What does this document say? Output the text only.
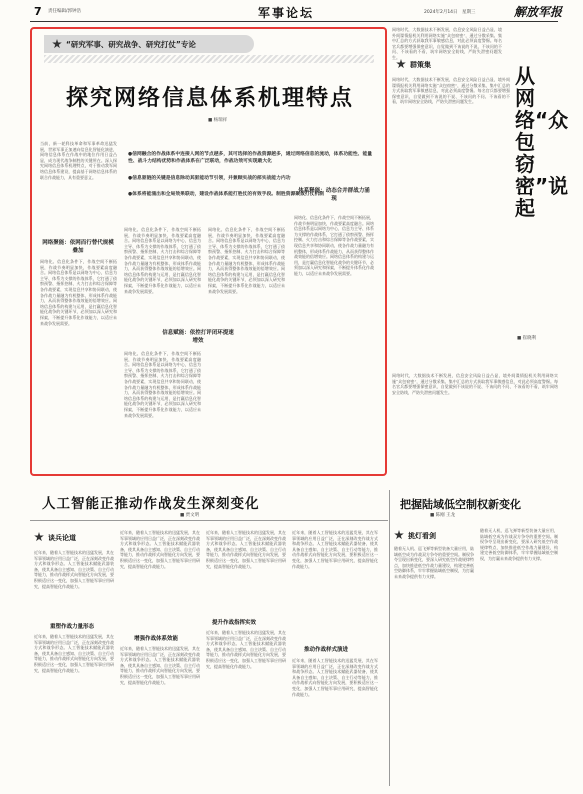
7 责任编辑/郭钟浩	军事论坛	2024年2月14日　星期三	解放军报
“研究军事、研究战争、研究打仗”专论
探究网络信息体系机理特点
■ 杨瑞祥
当前，新一轮科技革命和军事革命迅猛发展，世界军事正加速向信息化智能化演进，网络信息体系在作战中的地位作用日益凸显，成为现代战争制胜的关键所在。深入探究网络信息体系机理特点，对于推动我军网络信息体系建设，提高基于网络信息体系的联合作战能力，具有重要意义。
●信网融合的作战体系中连接人网的节点越多，其可选择的作战资源越多，通过网络信息的流动，体系功能性、能量性、战斗力结构优势和作战体系在广泛联动，作战功效可实现最大化
●信息驱链的关键是信息除动其驱能动节引领，并兼顾实战的部实战能力内功
●体系将能涌出和全局效果联动，建设作战体系能打胜仗的有效手段。制胜资源聚敛打仗机制
网络聚能：依网而行替代规模叠加
网络化、信息化条件下，作战空间不断拓展，作战节奏明显加快，作战要素高度融合。网络信息体系是以网络为中心，信息为主导、体系为支撑的作战体系，它打通了侦察预警、指挥控制、火力打击和综合保障等各作战要素，实现信息共享和协同联动，使各作战力量融为有机整体，形成体系作战能力，从而获得整体作战效能的倍增效应。网络信息体系的构建与运用，是打赢信息化智能化战争的关键环节，必须加以深入研究和探索，不断提升体系化作战能力，以适应未来战争发展需要。
网络化、信息化条件下，作战空间不断拓展，作战节奏明显加快，作战要素高度融合。网络信息体系是以网络为中心，信息为主导、体系为支撑的作战体系，它打通了侦察预警、指挥控制、火力打击和综合保障等各作战要素，实现信息共享和协同联动，使各作战力量融为有机整体，形成体系作战能力，从而获得整体作战效能的倍增效应。网络信息体系的构建与运用，是打赢信息化智能化战争的关键环节，必须加以深入研究和探索，不断提升体系化作战能力，以适应未来战争发展需要。
信息赋能：依控打评闭环提速增效
网络化、信息化条件下，作战空间不断拓展，作战节奏明显加快，作战要素高度融合。网络信息体系是以网络为中心，信息为主导、体系为支撑的作战体系，它打通了侦察预警、指挥控制、火力打击和综合保障等各作战要素，实现信息共享和协同联动，使各作战力量融为有机整体，形成体系作战能力，从而获得整体作战效能的倍增效应。网络信息体系的构建与运用，是打赢信息化智能化战争的关键环节，必须加以深入研究和探索，不断提升体系化作战能力，以适应未来战争发展需要。
网络化、信息化条件下，作战空间不断拓展，作战节奏明显加快，作战要素高度融合。网络信息体系是以网络为中心，信息为主导、体系为支撑的作战体系，它打通了侦察预警、指挥控制、火力打击和综合保障等各作战要素，实现信息共享和协同联动，使各作战力量融为有机整体，形成体系作战能力，从而获得整体作战效能的倍增效应。网络信息体系的构建与运用，是打赢信息化智能化战争的关键环节，必须加以深入研究和探索，不断提升体系化作战能力，以适应未来战争发展需要。
体系释能：动态合并群战力涌现
网络化、信息化条件下，作战空间不断拓展，作战节奏明显加快，作战要素高度融合。网络信息体系是以网络为中心，信息为主导、体系为支撑的作战体系，它打通了侦察预警、指挥控制、火力打击和综合保障等各作战要素，实现信息共享和协同联动，使各作战力量融为有机整体，形成体系作战能力，从而获得整体作战效能的倍增效应。网络信息体系的构建与运用，是打赢信息化智能化战争的关键环节，必须加以深入研究和探索，不断提升体系化作战能力，以适应未来战争发展需要。
网络时代，大数据技术不断发展，信息安全风险日益凸显，境外间谍情报机关利用网络实施“众包窃密”，通过分散采集、集中汇总的方式获取我军事敏感信息，对此必须高度警惕。每名官兵都要增强保密意识，自觉做到不该说的不说、不该问的不问、不该看的不看，筑牢网络安全防线，严防失泄密问题发生。
群策集	从网络“众包窃密”说起
■ 崔晓利
网络时代，大数据技术不断发展，信息安全风险日益凸显，境外间谍情报机关利用网络实施“众包窃密”，通过分散采集、集中汇总的方式获取我军事敏感信息，对此必须高度警惕。每名官兵都要增强保密意识，自觉做到不该说的不说、不该问的不问、不该看的不看，筑牢网络安全防线，严防失泄密问题发生。
网络时代，大数据技术不断发展，信息安全风险日益凸显，境外间谍情报机关利用网络实施“众包窃密”，通过分散采集、集中汇总的方式获取我军事敏感信息，对此必须高度警惕。每名官兵都要增强保密意识，自觉做到不该说的不说、不该问的不问、不该看的不看，筑牢网络安全防线，严防失泄密问题发生。
人工智能正推动作战发生深刻变化
■ 贾文明
谈兵论道
近年来，随着人工智能技术的迅猛发展，其在军事领域的应用日益广泛，正在深刻改变作战方式和战争形态。人工智能技术赋能武器装备，使其具备自主感知、自主决策、自主行动等能力，推动作战样式向智能化方向发展，要积极适应这一变化，加强人工智能军事应用研究，提高智能化作战能力。
重塑作战力量形态
近年来，随着人工智能技术的迅猛发展，其在军事领域的应用日益广泛，正在深刻改变作战方式和战争形态。人工智能技术赋能武器装备，使其具备自主感知、自主决策、自主行动等能力，推动作战样式向智能化方向发展，要积极适应这一变化，加强人工智能军事应用研究，提高智能化作战能力。
近年来，随着人工智能技术的迅猛发展，其在军事领域的应用日益广泛，正在深刻改变作战方式和战争形态。人工智能技术赋能武器装备，使其具备自主感知、自主决策、自主行动等能力，推动作战样式向智能化方向发展，要积极适应这一变化，加强人工智能军事应用研究，提高智能化作战能力。
增强作战体系效能
近年来，随着人工智能技术的迅猛发展，其在军事领域的应用日益广泛，正在深刻改变作战方式和战争形态。人工智能技术赋能武器装备，使其具备自主感知、自主决策、自主行动等能力，推动作战样式向智能化方向发展，要积极适应这一变化，加强人工智能军事应用研究，提高智能化作战能力。
近年来，随着人工智能技术的迅猛发展，其在军事领域的应用日益广泛，正在深刻改变作战方式和战争形态。人工智能技术赋能武器装备，使其具备自主感知、自主决策、自主行动等能力，推动作战样式向智能化方向发展，要积极适应这一变化，加强人工智能军事应用研究，提高智能化作战能力。
提升作战指挥实效
近年来，随着人工智能技术的迅猛发展，其在军事领域的应用日益广泛，正在深刻改变作战方式和战争形态。人工智能技术赋能武器装备，使其具备自主感知、自主决策、自主行动等能力，推动作战样式向智能化方向发展，要积极适应这一变化，加强人工智能军事应用研究，提高智能化作战能力。
近年来，随着人工智能技术的迅猛发展，其在军事领域的应用日益广泛，正在深刻改变作战方式和战争形态。人工智能技术赋能武器装备，使其具备自主感知、自主决策、自主行动等能力，推动作战样式向智能化方向发展，要积极适应这一变化，加强人工智能军事应用研究，提高智能化作战能力。
推动作战样式演进
近年来，随着人工智能技术的迅猛发展，其在军事领域的应用日益广泛，正在深刻改变作战方式和战争形态。人工智能技术赋能武器装备，使其具备自主感知、自主决策、自主行动等能力，推动作战样式向智能化方向发展，要积极适应这一变化，加强人工智能军事应用研究，提高智能化作战能力。
把握陆域低空制权新变化
■ 陈刚 王龙
挑灯看剑
随着无人机、巡飞弹等新型装备大量应用，陆域低空成为作战双方争夺的重要空间。制权争夺呈现出新变化，要深入研究低空作战规律特点，加快推进低空作战力量建设，构建完善低空防御体系，牢牢掌握陆域低空制权，为打赢未来战争提供有力支撑。
随着无人机、巡飞弹等新型装备大量应用，陆域低空成为作战双方争夺的重要空间。制权争夺呈现出新变化，要深入研究低空作战规律特点，加快推进低空作战力量建设，构建完善低空防御体系，牢牢掌握陆域低空制权，为打赢未来战争提供有力支撑。
